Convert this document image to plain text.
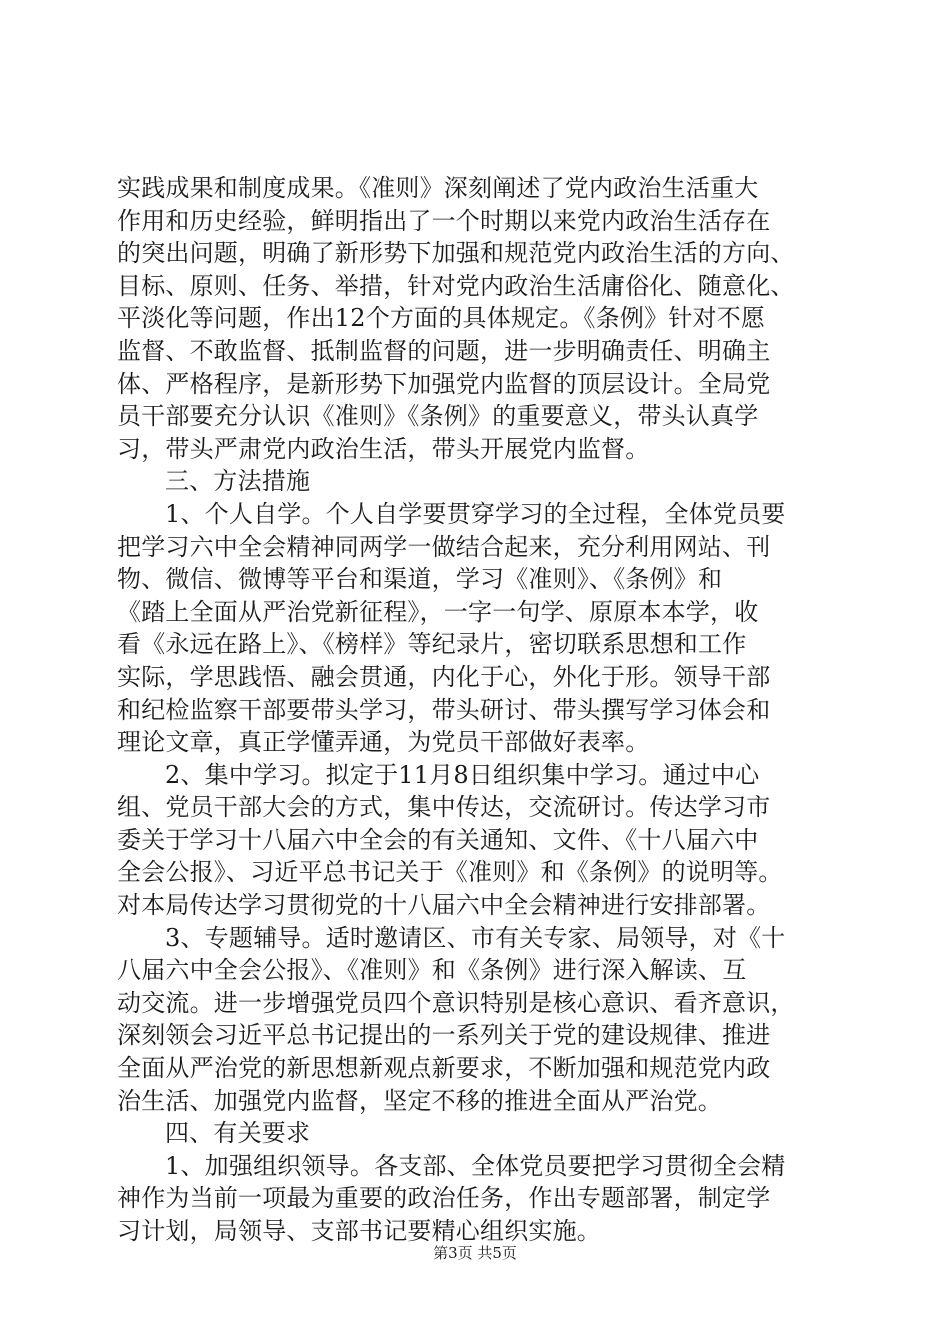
实践成果和制度成果。《准则》深刻阐述了党内政治生活重大
作用和历史经验，鲜明指出了一个时期以来党内政治生活存在
的突出问题，明确了新形势下加强和规范党内政治生活的方向、
目标、原则、任务、举措，针对党内政治生活庸俗化、随意化、
平淡化等问题，作出12个方面的具体规定。《条例》针对不愿
监督、不敢监督、抵制监督的问题，进一步明确责任、明确主
体、严格程序，是新形势下加强党内监督的顶层设计。全局党
员干部要充分认识《准则》《条例》的重要意义，带头认真学
习，带头严肃党内政治生活，带头开展党内监督。
三、方法措施
1、个人自学。个人自学要贯穿学习的全过程，全体党员要
把学习六中全会精神同两学一做结合起来，充分利用网站、刊
物、微信、微博等平台和渠道，学习《准则》、《条例》和
《踏上全面从严治党新征程》，一字一句学、原原本本学，收
看《永远在路上》、《榜样》等纪录片，密切联系思想和工作
实际，学思践悟、融会贯通，内化于心，外化于形。领导干部
和纪检监察干部要带头学习，带头研讨、带头撰写学习体会和
理论文章，真正学懂弄通，为党员干部做好表率。
2、集中学习。拟定于11月8日组织集中学习。通过中心
组、党员干部大会的方式，集中传达，交流研讨。传达学习市
委关于学习十八届六中全会的有关通知、文件、《十八届六中
全会公报》、习近平总书记关于《准则》和《条例》的说明等。
对本局传达学习贯彻党的十八届六中全会精神进行安排部署。
3、专题辅导。适时邀请区、市有关专家、局领导，对《十
八届六中全会公报》、《准则》和《条例》进行深入解读、互
动交流。进一步增强党员四个意识特别是核心意识、看齐意识，
深刻领会习近平总书记提出的一系列关于党的建设规律、推进
全面从严治党的新思想新观点新要求，不断加强和规范党内政
治生活、加强党内监督，坚定不移的推进全面从严治党。
四、有关要求
1、加强组织领导。各支部、全体党员要把学习贯彻全会精
神作为当前一项最为重要的政治任务，作出专题部署，制定学
习计划，局领导、支部书记要精心组织实施。
第3页 共5页
